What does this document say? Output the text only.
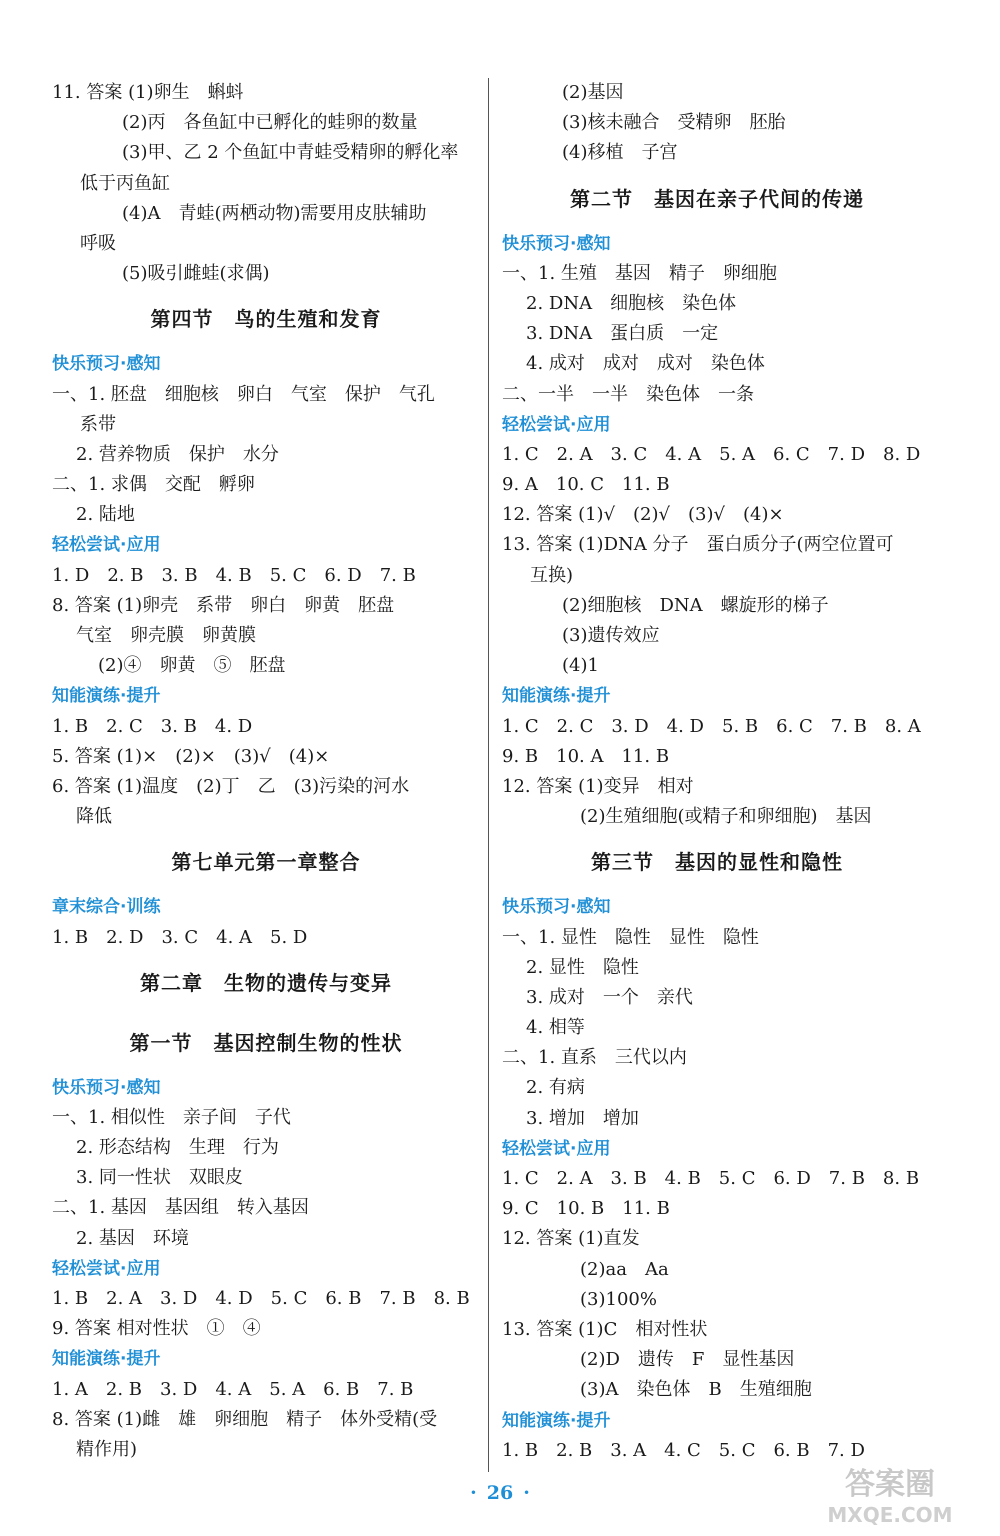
11. 答案 (1)卵生　蝌蚪
(2)丙　各鱼缸中已孵化的蛙卵的数量
(3)甲、乙 2 个鱼缸中青蛙受精卵的孵化率
低于丙鱼缸
(4)A　青蛙(两栖动物)需要用皮肤辅助
呼吸
(5)吸引雌蛙(求偶)
第四节　鸟的生殖和发育
快乐预习·感知
一、1. 胚盘　细胞核　卵白　气室　保护　气孔
系带
2. 营养物质　保护　水分
二、1. 求偶　交配　孵卵
2. 陆地
轻松尝试·应用
1. D　2. B　3. B　4. B　5. C　6. D　7. B
8. 答案 (1)卵壳　系带　卵白　卵黄　胚盘
气室　卵壳膜　卵黄膜
(2)④　卵黄　⑤　胚盘
知能演练·提升
1. B　2. C　3. B　4. D
5. 答案 (1)×　(2)×　(3)√　(4)×
6. 答案 (1)温度　(2)丁　乙　(3)污染的河水
降低
第七单元第一章整合
章末综合·训练
1. B　2. D　3. C　4. A　5. D
第二章　生物的遗传与变异
第一节　基因控制生物的性状
快乐预习·感知
一、1. 相似性　亲子间　子代
2. 形态结构　生理　行为
3. 同一性状　双眼皮
二、1. 基因　基因组　转入基因
2. 基因　环境
轻松尝试·应用
1. B　2. A　3. D　4. D　5. C　6. B　7. B　8. B
9. 答案 相对性状　①　④
知能演练·提升
1. A　2. B　3. D　4. A　5. A　6. B　7. B
8. 答案 (1)雌　雄　卵细胞　精子　体外受精(受
精作用)
(2)基因
(3)核未融合　受精卵　胚胎
(4)移植　子宫
第二节　基因在亲子代间的传递
快乐预习·感知
一、1. 生殖　基因　精子　卵细胞
2. DNA　细胞核　染色体
3. DNA　蛋白质　一定
4. 成对　成对　成对　染色体
二、一半　一半　染色体　一条
轻松尝试·应用
1. C　2. A　3. C　4. A　5. A　6. C　7. D　8. D
9. A　10. C　11. B
12. 答案 (1)√　(2)√　(3)√　(4)×
13. 答案 (1)DNA 分子　蛋白质分子(两空位置可
互换)
(2)细胞核　DNA　螺旋形的梯子
(3)遗传效应
(4)1
知能演练·提升
1. C　2. C　3. D　4. D　5. B　6. C　7. B　8. A
9. B　10. A　11. B
12. 答案 (1)变异　相对
(2)生殖细胞(或精子和卵细胞)　基因
第三节　基因的显性和隐性
快乐预习·感知
一、1. 显性　隐性　显性　隐性
2. 显性　隐性
3. 成对　一个　亲代
4. 相等
二、1. 直系　三代以内
2. 有病
3. 增加　增加
轻松尝试·应用
1. C　2. A　3. B　4. B　5. C　6. D　7. B　8. B
9. C　10. B　11. B
12. 答案 (1)直发
(2)aa　Aa
(3)100%
13. 答案 (1)C　相对性状
(2)D　遗传　F　显性基因
(3)A　染色体　B　生殖细胞
知能演练·提升
1. B　2. B　3. A　4. C　5. C　6. B　7. D
· 26 ·	答案圈
MXQE.COM
